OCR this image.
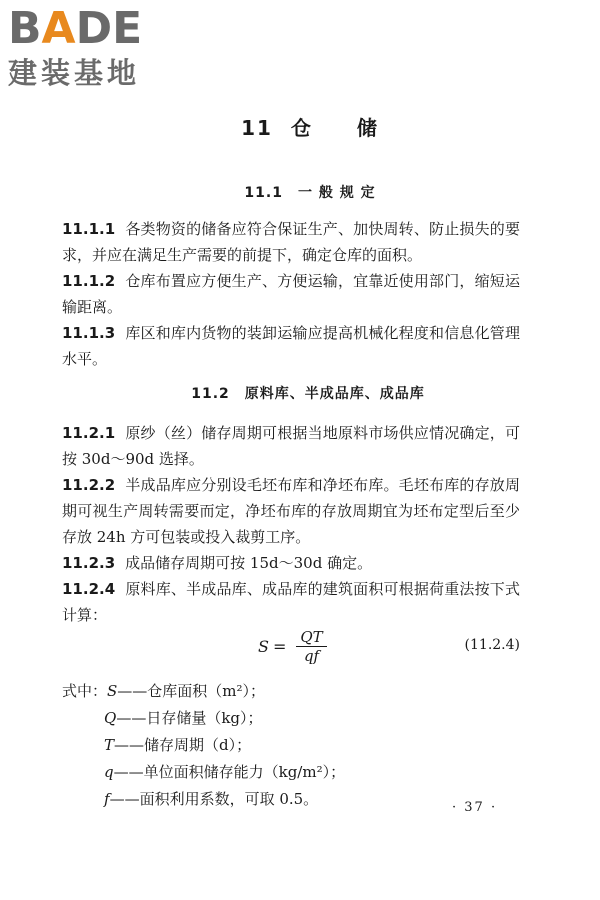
BADE
建装基地
11 仓 储
11.1　一 般 规 定

11.1.1 各类物资的储备应符合保证生产、加快周转、防止损失的要求，并应在满足生产需要的前提下，确定仓库的面积。

11.1.2 仓库布置应方便生产、方便运输，宜靠近使用部门，缩短运输距离。

11.1.3 库区和库内货物的装卸运输应提高机械化程度和信息化管理水平。

11.2　原料库、半成品库、成品库

11.2.1 原纱（丝）储存周期可根据当地原料市场供应情况确定，可按 30d～90d 选择。

11.2.2 半成品库应分别设毛坯布库和净坯布库。毛坯布库的存放周期可视生产周转需要而定，净坯布库的存放周期宜为坯布定型后至少存放 24h 方可包装或投入裁剪工序。

11.2.3 成品储存周期可按 15d～30d 确定。

11.2.4 原料库、半成品库、成品库的建筑面积可根据荷重法按下式计算：

$S = \frac{QT}{qf}$	(11.2.4)
式中：S——仓库面积（m²）；
Q——日存储量（kg）；
T——储存周期（d）；
q——单位面积储存能力（kg/m²）；
f——面积利用系数，可取 0.5。	· 37 ·
